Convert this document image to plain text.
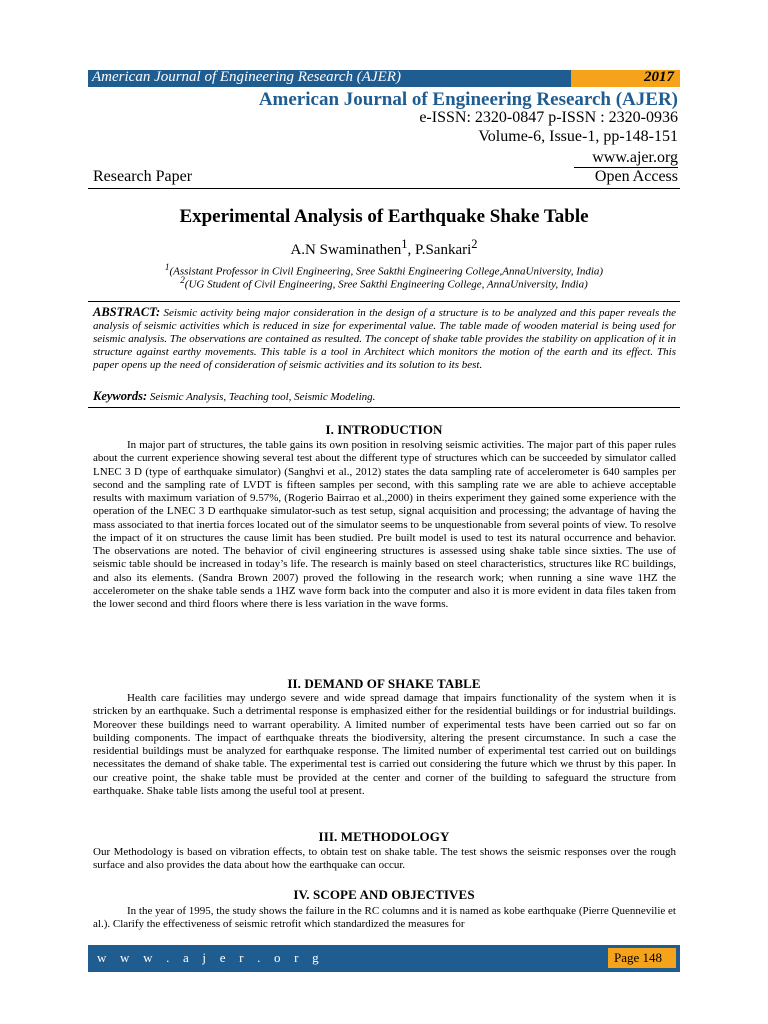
American Journal of Engineering Research (AJER)	2017
American Journal of Engineering Research (AJER)
e-ISSN: 2320-0847 p-ISSN : 2320-0936
Volume-6, Issue-1, pp-148-151
www.ajer.org
Research Paper	Open Access
Experimental Analysis of Earthquake Shake Table
A.N Swaminathen$^1$, P.Sankari$^2$
$^1$(Assistant Professor in Civil Engineering, Sree Sakthi Engineering College,AnnaUniversity, India)
$^2$(UG Student of Civil Engineering, Sree Sakthi Engineering College, AnnaUniversity, India)
ABSTRACT: Seismic activity being major consideration in the design of a structure is to be analyzed and this paper reveals the analysis of seismic activities which is reduced in size for experimental value. The table made of wooden material is being used for seismic analysis. The observations are contained as resulted. The concept of shake table provides the stability on application of it in structure against earthy movements. This table is a tool in Architect which monitors the motion of the earth and its effect. This paper opens up the need of consideration of seismic activities and its solution to its best.
Keywords: Seismic Analysis, Teaching tool, Seismic Modeling.
I. INTRODUCTION
In major part of structures, the table gains its own position in resolving seismic activities. The major part of this paper rules about the current experience showing several test about the different type of structures which can be succeeded by simulator called LNEC 3 D (type of earthquake simulator) (Sanghvi et al., 2012) states the data sampling rate of accelerometer is 640 samples per second and the sampling rate of LVDT is fifteen samples per second, with this sampling rate we are able to achieve acceptable results with maximum variation of 9.57%, (Rogerio Bairrao et al.,2000) in theirs experiment they gained some experience with the operation of the LNEC 3 D earthquake simulator-such as test setup, signal acquisition and processing; the advantage of having the mass associated to that inertia forces located out of the simulator seems to be unquestionable from several points of view. To resolve the impact of it on structures the cause limit has been studied. Pre built model is used to test its natural occurrence and behavior. The observations are noted. The behavior of civil engineering structures is assessed using shake table since sixties. The use of seismic table should be increased in today’s life. The research is mainly based on steel characteristics, structures like RC buildings, and also its elements. (Sandra Brown 2007) proved the following in the research work; when running a sine wave 1HZ the accelerometer on the shake table sends a 1HZ wave form back into the computer and also it is more evident in data files taken from the lower second and third floors where there is less variation in the wave forms.
II. DEMAND OF SHAKE TABLE
Health care facilities may undergo severe and wide spread damage that impairs functionality of the system when it is stricken by an earthquake. Such a detrimental response is emphasized either for the residential buildings or for industrial buildings. Moreover these buildings need to warrant operability. A limited number of experimental tests have been carried out so far on building components. The impact of earthquake threats the biodiversity, altering the present circumstance. In such a case the residential buildings must be analyzed for earthquake response. The limited number of experimental test carried out on buildings necessitates the demand of shake table. The experimental test is carried out considering the future which we thrust by this paper. In our creative point, the shake table must be provided at the center and corner of the building to safeguard the structure from earthquake. Shake table lists among the useful tool at present.
III. METHODOLOGY
Our Methodology is based on vibration effects, to obtain test on shake table. The test shows the seismic responses over the rough surface and also provides the data about how the earthquake can occur.
IV. SCOPE AND OBJECTIVES
In the year of 1995, the study shows the failure in the RC columns and it is named as kobe earthquake (Pierre Quennevilie et al.). Clarify the effectiveness of seismic retrofit which standardized the measures for
w w w . a j e r . o r g	Page 148
